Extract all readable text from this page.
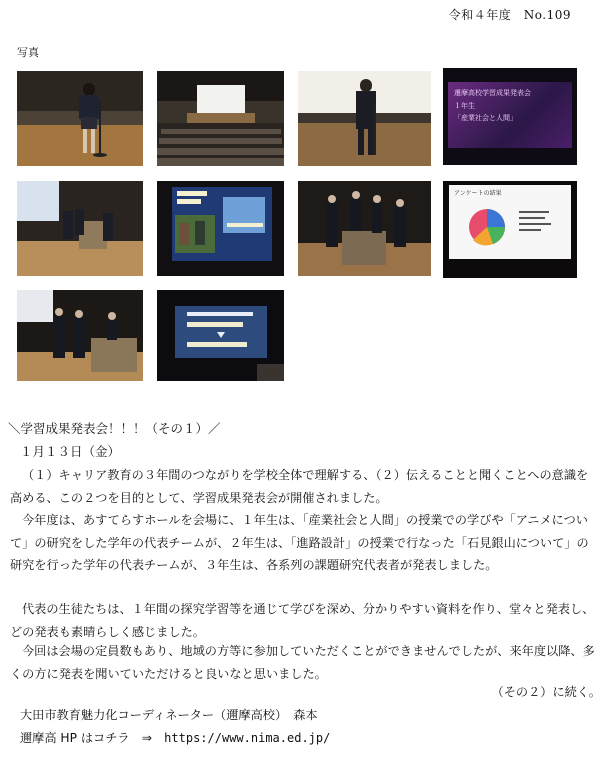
令和４年度　No.109
写真
遷摩高校学習成果発表会
１年生
「産業社会と人間」
アンケートの結果
＼学習成果発表会！！！（その１）／
１月１３日（金）

（１）キャリア教育の３年間のつながりを学校全体で理解する、（２）伝えることと聞くことへの意識を高める、この２つを目的として、学習成果発表会が開催されました。

今年度は、あすてらすホールを会場に、１年生は、「産業社会と人間」の授業での学びや「アニメについて」の研究をした学年の代表チームが、２年生は、「進路設計」の授業で行なった「石見銀山について」の研究を行った学年の代表チームが、３年生は、各系列の課題研究代表者が発表しました。

代表の生徒たちは、１年間の探究学習等を通じて学びを深め、分かりやすい資料を作り、堂々と発表し、どの発表も素晴らしく感じました。

今回は会場の定員数もあり、地域の方等に参加していただくことができませんでしたが、来年度以降、多くの方に発表を聞いていただけると良いなと思いました。

（その２）に続く。
大田市教育魅力化コーディネーター（邇摩高校）　森本
邇摩高 HP はコチラ　⇒　https://www.nima.ed.jp/
